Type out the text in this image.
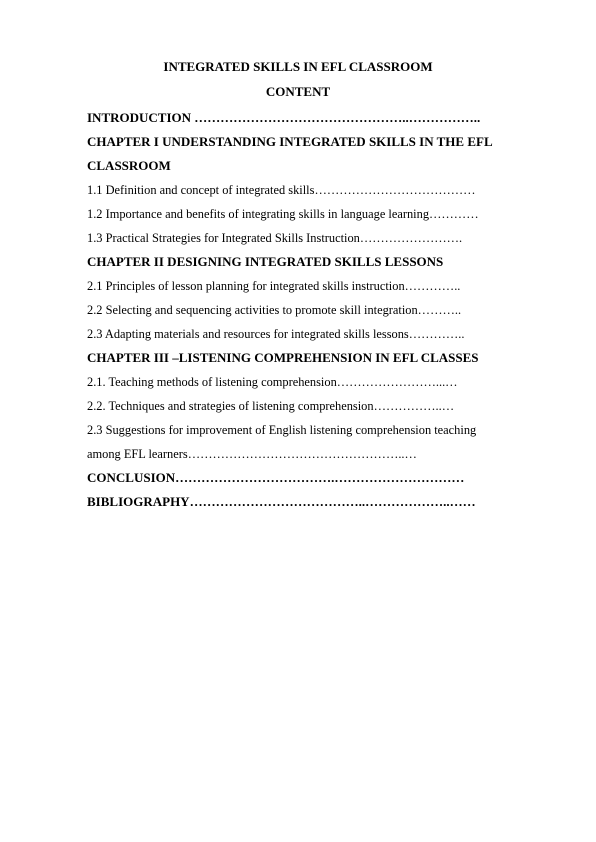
INTEGRATED SKILLS IN EFL CLASSROOM
CONTENT
INTRODUCTION …………………………………………..……………..
CHAPTER I UNDERSTANDING INTEGRATED SKILLS IN THE EFL
CLASSROOM
1.1 Definition and concept of integrated skills…………………………………
1.2 Importance and benefits of integrating skills in language learning…………
1.3 Practical Strategies for Integrated Skills Instruction…………………….
CHAPTER II DESIGNING INTEGRATED SKILLS LESSONS
2.1 Principles of lesson planning for integrated skills instruction…………..
2.2 Selecting and sequencing activities to promote skill integration………..
2.3 Adapting materials and resources for integrated skills lessons…………..
CHAPTER III –LISTENING COMPREHENSION IN EFL CLASSES
2.1. Teaching methods of listening comprehension……………………...…
2.2. Techniques and strategies of listening comprehension……………..…
2.3 Suggestions for improvement of English listening comprehension teaching
among EFL learners……………………………………………..…
CONCLUSION……………………………….…………………………
BIBLIOGRAPHY…………………………………..………………..……
